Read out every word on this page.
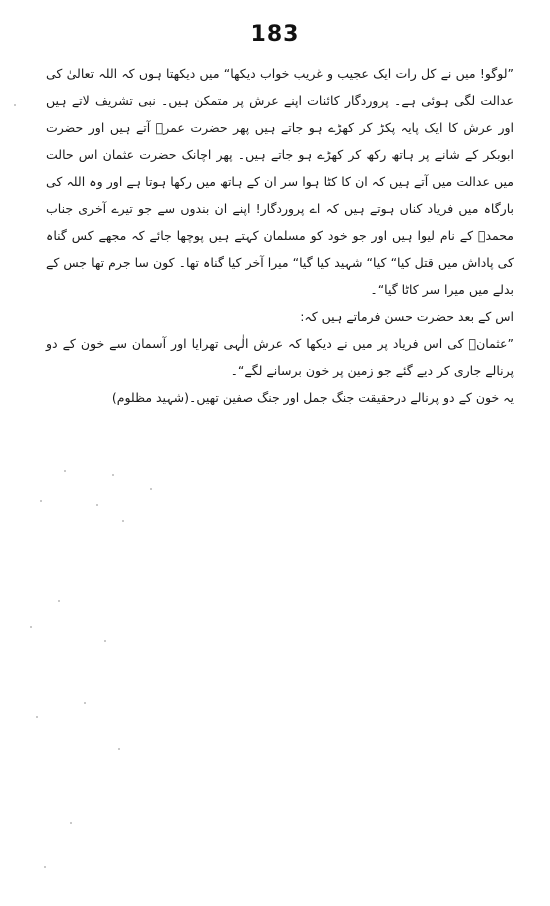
183

”لوگو! میں نے کل رات ایک عجیب و غریب خواب دیکھا“ میں دیکھتا ہوں کہ اللہ تعالیٰ کی عدالت لگی ہوئی ہے۔ پروردگار کائنات اپنے عرش پر متمکن ہیں۔ نبی تشریف لاتے ہیں اور عرش کا ایک پایہ پکڑ کر کھڑے ہو جاتے ہیں پھر حضرت عمرؓ آتے ہیں اور حضرت ابوبکر کے شانے پر ہاتھ رکھ کر کھڑے ہو جاتے ہیں۔ پھر اچانک حضرت عثمان اس حالت میں عدالت میں آتے ہیں کہ ان کا کٹا ہوا سر ان کے ہاتھ میں رکھا ہوتا ہے اور وہ اللہ کی بارگاہ میں فریاد کناں ہوتے ہیں کہ اے پروردگار! اپنے ان بندوں سے جو تیرے آخری جناب محمدؐ کے نام لیوا ہیں اور جو خود کو مسلمان کہتے ہیں پوچھا جائے کہ مجھے کس گناہ کی پاداش میں قتل کیا“ کیا“ شہید کیا گیا“ میرا آخر کیا گناہ تھا۔ کون سا جرم تھا جس کے بدلے میں میرا سر کاٹا گیا“۔

اس کے بعد حضرت حسن فرماتے ہیں کہ:

”عثمانؓ کی اس فریاد پر میں نے دیکھا کہ عرش الٰہی تھرایا اور آسمان سے خون کے دو پرنالے جاری کر دیے گئے جو زمین پر خون برسانے لگے“۔

یہ خون کے دو پرنالے درحقیقت جنگ جمل اور جنگ صفین تھیں۔(شہید مظلوم)
